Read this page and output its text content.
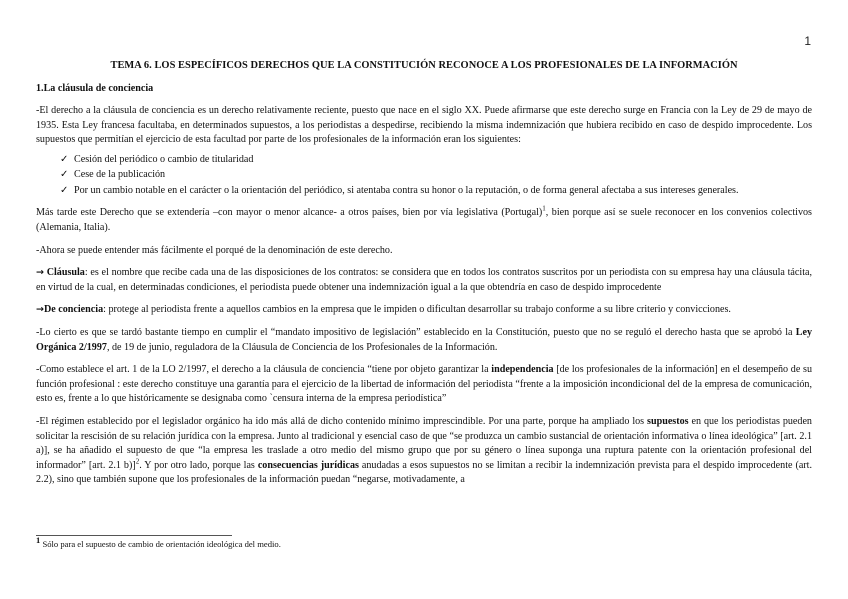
1
TEMA 6. LOS ESPECÍFICOS DERECHOS QUE LA CONSTITUCIÓN RECONOCE A LOS PROFESIONALES DE LA INFORMACIÓN
1.La cláusula de conciencia

-El derecho a la cláusula de conciencia es un derecho relativamente reciente, puesto que nace en el siglo XX. Puede afirmarse que este derecho surge en Francia con la Ley de 29 de mayo de 1935. Esta Ley francesa facultaba, en determinados supuestos, a los periodistas a despedirse, recibiendo la misma indemnización que hubiera recibido en caso de despido improcedente. Los supuestos que permitían el ejercicio de esta facultad por parte de los profesionales de la información eran los siguientes:

✓ Cesión del periódico o cambio de titularidad
✓ Cese de la publicación
✓ Por un cambio notable en el carácter o la orientación del periódico, si atentaba contra su honor o la reputación, o de forma general afectaba a sus intereses generales.

Más tarde este Derecho que se extendería –con mayor o menor alcance- a otros países, bien por vía legislativa (Portugal)$^1$, bien porque así se suele reconocer en los convenios colectivos (Alemania, Italia).

-Ahora se puede entender más fácilmente el porqué de la denominación de este derecho.

→ Cláusula: es el nombre que recibe cada una de las disposiciones de los contratos: se considera que en todos los contratos suscritos por un periodista con su empresa hay una cláusula tácita, en virtud de la cual, en determinadas condiciones, el periodista puede obtener una indemnización igual a la que obtendría en caso de despido improcedente

→De conciencia: protege al periodista frente a aquellos cambios en la empresa que le impiden o dificultan desarrollar su trabajo conforme a su libre criterio y convicciones.

-Lo cierto es que se tardó bastante tiempo en cumplir el “mandato impositivo de legislación” establecido en la Constitución, puesto que no se reguló el derecho hasta que se aprobó la Ley Orgánica 2/1997, de 19 de junio, reguladora de la Cláusula de Conciencia de los Profesionales de la Información.

-Como establece el art. 1 de la LO 2/1997, el derecho a la cláusula de conciencia “tiene por objeto garantizar la independencia [de los profesionales de la información] en el desempeño de su función profesional : este derecho constituye una garantía para el ejercicio de la libertad de información del periodista “frente a la imposición incondicional del de la empresa de comunicación, esto es, frente a lo que históricamente se designaba como `censura interna de la empresa periodística”

-El régimen establecido por el legislador orgánico ha ido más allá de dicho contenido mínimo imprescindible. Por una parte, porque ha ampliado los supuestos en que los periodistas pueden solicitar la rescisión de su relación jurídica con la empresa. Junto al tradicional y esencial caso de que “se produzca un cambio sustancial de orientación informativa o línea ideológica” [art. 2.1 a)], se ha añadido el supuesto de que “la empresa les traslade a otro medio del mismo grupo que por su género o línea suponga una ruptura patente con la orientación profesional del informador” [art. 2.1 b)]$^2$. Y por otro lado, porque las consecuencias jurídicas anudadas a esos supuestos no se limitan a recibir la indemnización prevista para el despido improcedente (art. 2.2), sino que también supone que los profesionales de la información puedan “negarse, motivadamente, a

$^1$ Sólo para el supuesto de cambio de orientación ideológica del medio.
